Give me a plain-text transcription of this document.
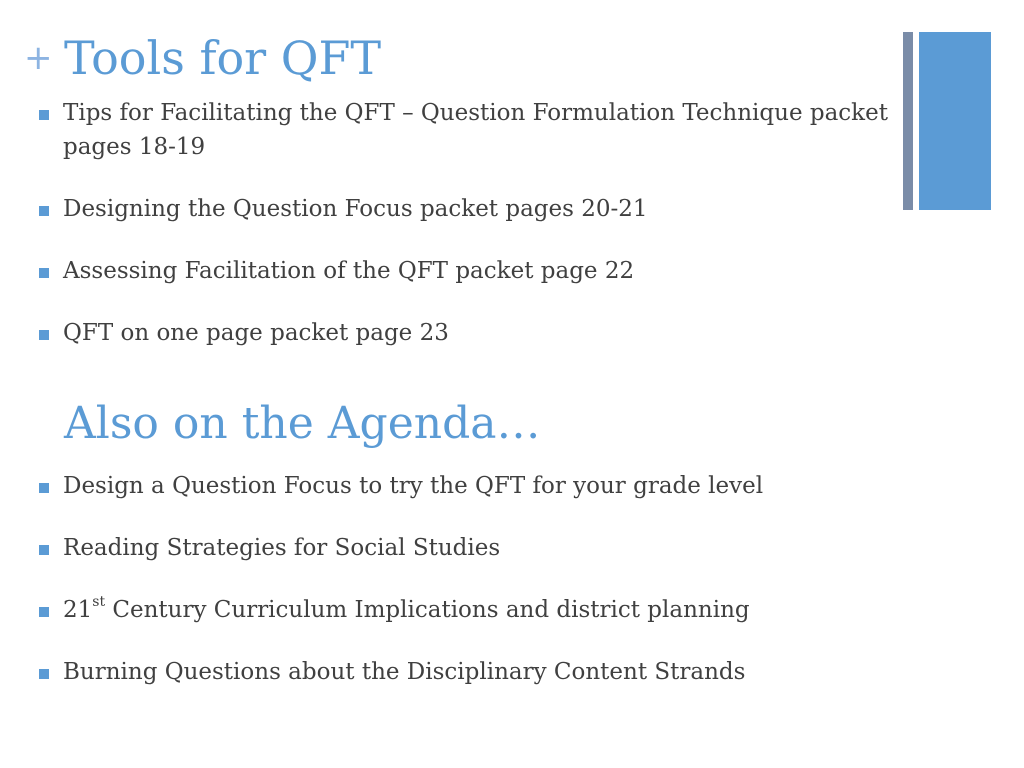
+ Tools for QFT
Tips for Facilitating the QFT – Question Formulation Technique packet pages 18-19
Designing the Question Focus packet pages 20-21
Assessing Facilitation of the QFT packet page 22
QFT on one page packet page 23
Also on the Agenda…
Design a Question Focus to try the QFT for your grade level
Reading Strategies for Social Studies
21st Century Curriculum Implications and district planning
Burning Questions about the Disciplinary Content Strands
